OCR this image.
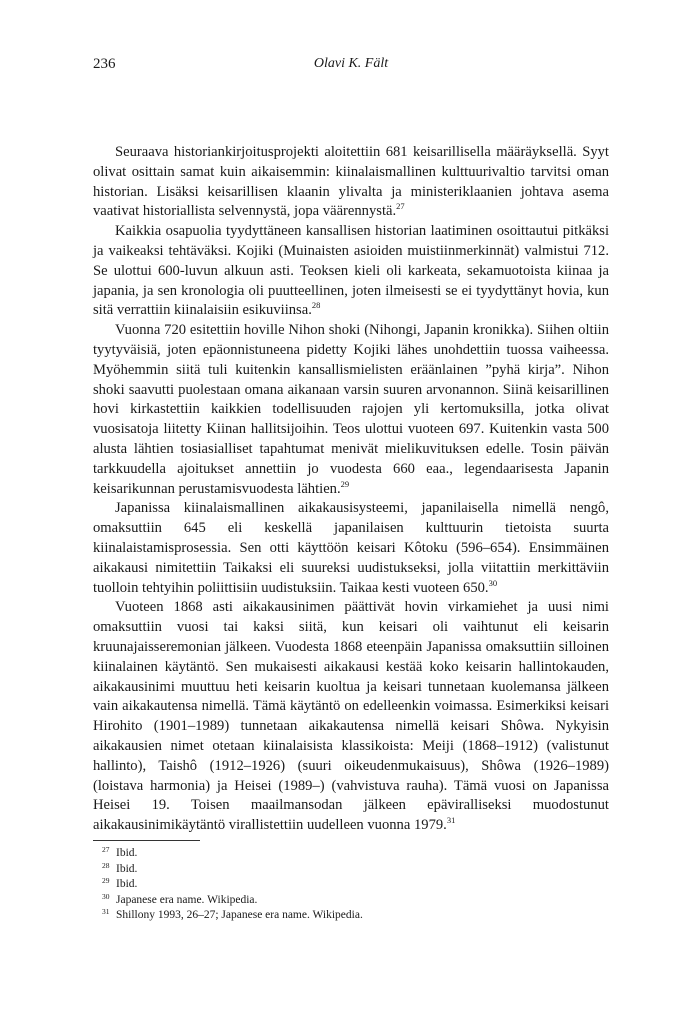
236	Olavi K. Fält

Seuraava historiankirjoitusprojekti aloitettiin 681 keisarillisella määräyksellä. Syyt olivat osittain samat kuin aikaisemmin: kiinalaismallinen kulttuurivaltio tarvitsi oman historian. Lisäksi keisarillisen klaanin ylivalta ja ministeriklaanien johtava asema vaativat historiallista selvennystä, jopa väärennystä.$^{27}$

Kaikkia osapuolia tyydyttäneen kansallisen historian laatiminen osoittautui pitkäksi ja vaikeaksi tehtäväksi. Kojiki (Muinaisten asioiden muistiinmerkinnät) valmistui 712. Se ulottui 600-luvun alkuun asti. Teoksen kieli oli karkeata, sekamuotoista kiinaa ja japania, ja sen kronologia oli puutteellinen, joten ilmeisesti se ei tyydyttänyt hovia, kun sitä verrattiin kiinalaisiin esikuviinsa.$^{28}$

Vuonna 720 esitettiin hoville Nihon shoki (Nihongi, Japanin kronikka). Siihen oltiin tyytyväisiä, joten epäonnistuneena pidetty Kojiki lähes unohdettiin tuossa vaiheessa. Myöhemmin siitä tuli kuitenkin kansallismielisten eräänlainen ”pyhä kirja”. Nihon shoki saavutti puolestaan omana aikanaan varsin suuren arvonannon. Siinä keisarillinen hovi kirkastettiin kaikkien todellisuuden rajojen yli kertomuksilla, jotka olivat vuosisatoja liitetty Kiinan hallitsijoihin. Teos ulottui vuoteen 697. Kuitenkin vasta 500 alusta lähtien tosiasialliset tapahtumat menivät mielikuvituksen edelle. Tosin päivän tarkkuudella ajoitukset annettiin jo vuodesta 660 eaa., legendaarisesta Japanin keisarikunnan perustamisvuodesta lähtien.$^{29}$

Japanissa kiinalaismallinen aikakausisysteemi, japanilaisella nimellä nengô, omaksuttiin 645 eli keskellä japanilaisen kulttuurin tietoista suurta kiinalaistamisprosessia. Sen otti käyttöön keisari Kôtoku (596–654). Ensimmäinen aikakausi nimitettiin Taikaksi eli suureksi uudistukseksi, jolla viitattiin merkittäviin tuolloin tehtyihin poliittisiin uudistuksiin. Taikaa kesti vuoteen 650.30

Vuoteen 1868 asti aikakausinimen päättivät hovin virkamiehet ja uusi nimi omaksuttiin vuosi tai kaksi siitä, kun keisari oli vaihtunut eli keisarin kruunajaisseremonian jälkeen. Vuodesta 1868 eteenpäin Japanissa omaksuttiin silloinen kiinalainen käytäntö. Sen mukaisesti aikakausi kestää koko keisarin hallintokauden, aikakausinimi muuttuu heti keisarin kuoltua ja keisari tunnetaan kuolemansa jälkeen vain aikakautensa nimellä. Tämä käytäntö on edelleenkin voimassa. Esimerkiksi keisari Hirohito (1901–1989) tunnetaan aikakautensa nimellä keisari Shôwa. Nykyisin aikakausien nimet otetaan kiinalaisista klassikoista: Meiji (1868–1912) (valistunut hallinto), Taishô (1912–1926) (suuri oikeudenmukaisuus), Shôwa (1926–1989) (loistava harmonia) ja Heisei (1989–) (vahvistuva rauha). Tämä vuosi on Japanissa Heisei 19. Toisen maailmansodan jälkeen epäviralliseksi muodostunut aikakausinimikäytäntö virallistettiin uudelleen vuonna 1979.31

27 Ibid.
28 Ibid.
29 Ibid.
30 Japanese era name. Wikipedia.
31 Shillony 1993, 26–27; Japanese era name. Wikipedia.
